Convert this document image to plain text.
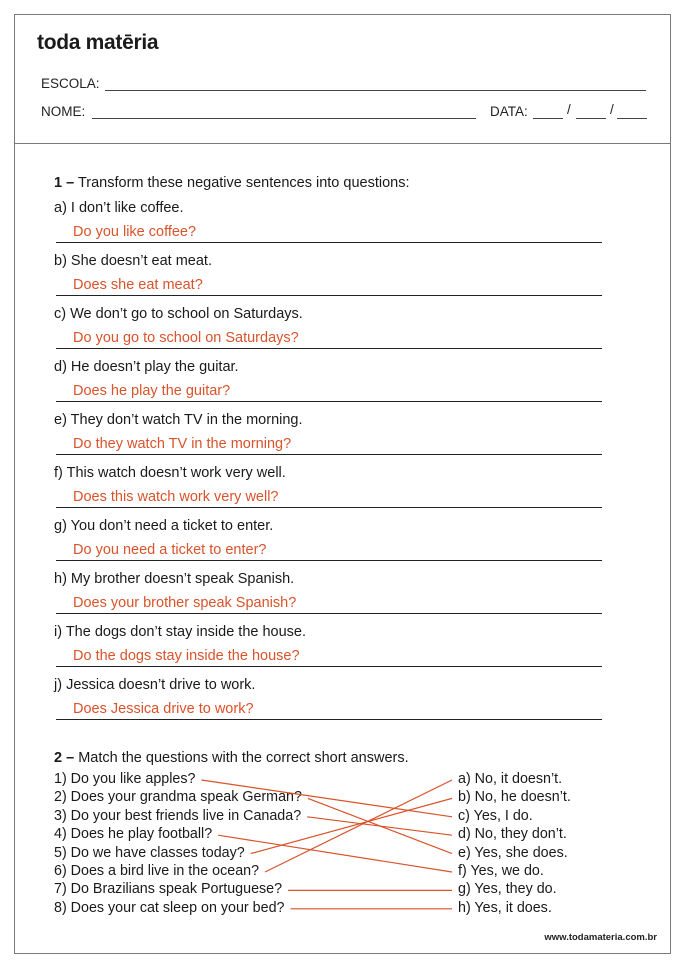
toda matēria
ESCOLA:
NOME:	DATA:	/	/
1 – Transform these negative sentences into questions:
a) I don’t like coffee.
Do you like coffee?
b) She doesn’t eat meat.
Does she eat meat?
c) We don’t go to school on Saturdays.
Do you go to school on Saturdays?
d) He doesn’t play the guitar.
Does he play the guitar?
e) They don’t watch TV in the morning.
Do they watch TV in the morning?
f) This watch doesn’t work very well.
Does this watch work very well?
g) You don’t need a ticket to enter.
Do you need a ticket to enter?
h) My brother doesn’t speak Spanish.
Does your brother speak Spanish?
i) The dogs don’t stay inside the house.
Do the dogs stay inside the house?
j) Jessica doesn’t drive to work.
Does Jessica drive to work?
2 – Match the questions with the correct short answers.
1) Do you like apples?
2) Does your grandma speak German?
3) Do your best friends live in Canada?
4) Does he play football?
5) Do we have classes today?
6) Does a bird live in the ocean?
7) Do Brazilians speak Portuguese?
8) Does your cat sleep on your bed?
a) No, it doesn’t.
b) No, he doesn’t.
c) Yes, I do.
d) No, they don’t.
e) Yes, she does.
f) Yes, we do.
g) Yes, they do.
h) Yes, it does.
www.todamateria.com.br
